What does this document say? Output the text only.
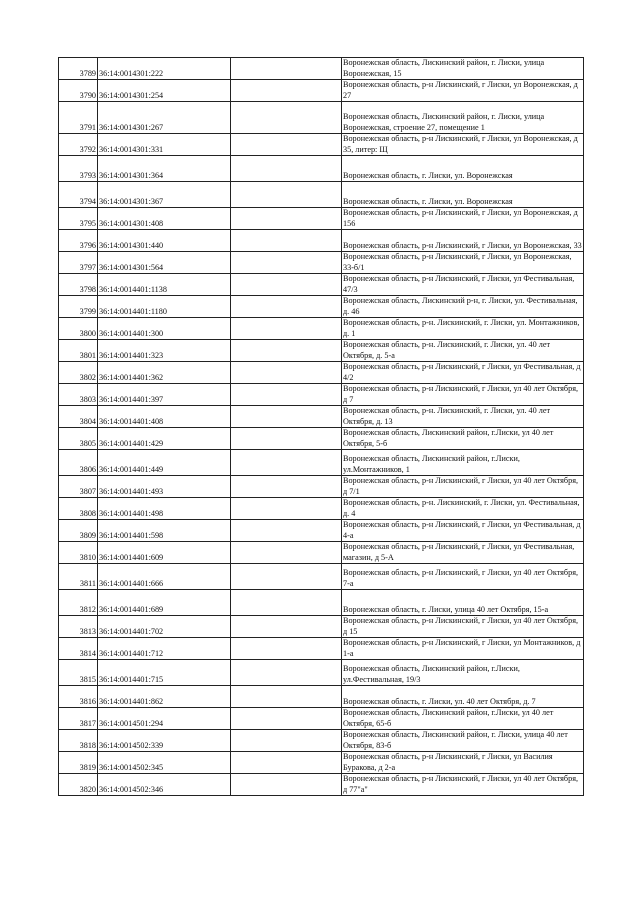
3789	36:14:0014301:222		Воронежская область, Лискинский район, г. Лиски, улица Воронежская, 15
3790	36:14:0014301:254		Воронежская область, р-н Лискинский, г Лиски, ул Воронежская, д 27
3791	36:14:0014301:267		Воронежская область, Лискинский район, г. Лиски, улица Воронежская, строение 27, помещение 1
3792	36:14:0014301:331		Воронежская область, р-н Лискинский, г Лиски, ул Воронежская, д 35, литер: Щ
3793	36:14:0014301:364		Воронежская область, г. Лиски, ул. Воронежская
3794	36:14:0014301:367		Воронежская область, г. Лиски, ул. Воронежская
3795	36:14:0014301:408		Воронежская область, р-н Лискинский, г Лиски, ул Воронежская, д 156
3796	36:14:0014301:440		Воронежская область, р-н Лискинский, г Лиски, ул Воронежская, 33
3797	36:14:0014301:564		Воронежская область, р-н Лискинский, г Лиски, ул Воронежская, 33-б/1
3798	36:14:0014401:1138		Воронежская область, р-н Лискинский, г Лиски, ул Фестивальная, 47/3
3799	36:14:0014401:1180		Воронежская область, Лискинский р-н, г. Лиски, ул. Фестивальная, д. 46
3800	36:14:0014401:300		Воронежская область, р-н. Лискинский, г. Лиски, ул. Монтажников, д. 1
3801	36:14:0014401:323		Воронежская область, р-н. Лискинский, г. Лиски, ул. 40 лет Октября, д. 5-а
3802	36:14:0014401:362		Воронежская область, р-н Лискинский, г Лиски, ул Фестивальная, д 4/2
3803	36:14:0014401:397		Воронежская область, р-н Лискинский, г Лиски, ул 40 лет Октября, д 7
3804	36:14:0014401:408		Воронежская область, р-н. Лискинский, г. Лиски, ул. 40 лет Октября, д. 13
3805	36:14:0014401:429		Воронежская область, Лискинский район, г.Лиски, ул 40 лет Октября, 5-б
3806	36:14:0014401:449		Воронежская область, Лискинский район, г.Лиски, ул.Монтажников, 1
3807	36:14:0014401:493		Воронежская область, р-н Лискинский, г Лиски, ул 40 лет Октября, д 7/1
3808	36:14:0014401:498		Воронежская область, р-н. Лискинский, г. Лиски, ул. Фестивальная, д. 4
3809	36:14:0014401:598		Воронежская область, р-н Лискинский, г Лиски, ул Фестивальная, д 4-а
3810	36:14:0014401:609		Воронежская область, р-н Лискинский, г Лиски, ул Фестивальная, магазин, д 5-А
3811	36:14:0014401:666		Воронежская область, р-н Лискинский, г Лиски, ул 40 лет Октября, 7-а
3812	36:14:0014401:689		Воронежская область, г. Лиски, улица 40 лет Октября, 15-а
3813	36:14:0014401:702		Воронежская область, р-н Лискинский, г Лиски, ул 40 лет Октября, д 15
3814	36:14:0014401:712		Воронежская область, р-н Лискинский, г Лиски, ул Монтажников, д 1-а
3815	36:14:0014401:715		Воронежская область, Лискинский район, г.Лиски, ул.Фестивальная, 19/3
3816	36:14:0014401:862		Воронежская область, г. Лиски, ул. 40 лет Октября, д. 7
3817	36:14:0014501:294		Воронежская область, Лискинский район, г.Лиски, ул 40 лет Октября, 65-б
3818	36:14:0014502:339		Воронежская область, Лискинский район, г. Лиски, улица 40 лет Октября, 83-б
3819	36:14:0014502:345		Воронежская область, р-н Лискинский, г Лиски, ул Василия Буракова, д 2-а
3820	36:14:0014502:346		Воронежская область, р-н Лискинский, г Лиски, ул 40 лет Октября, д 77"а"
